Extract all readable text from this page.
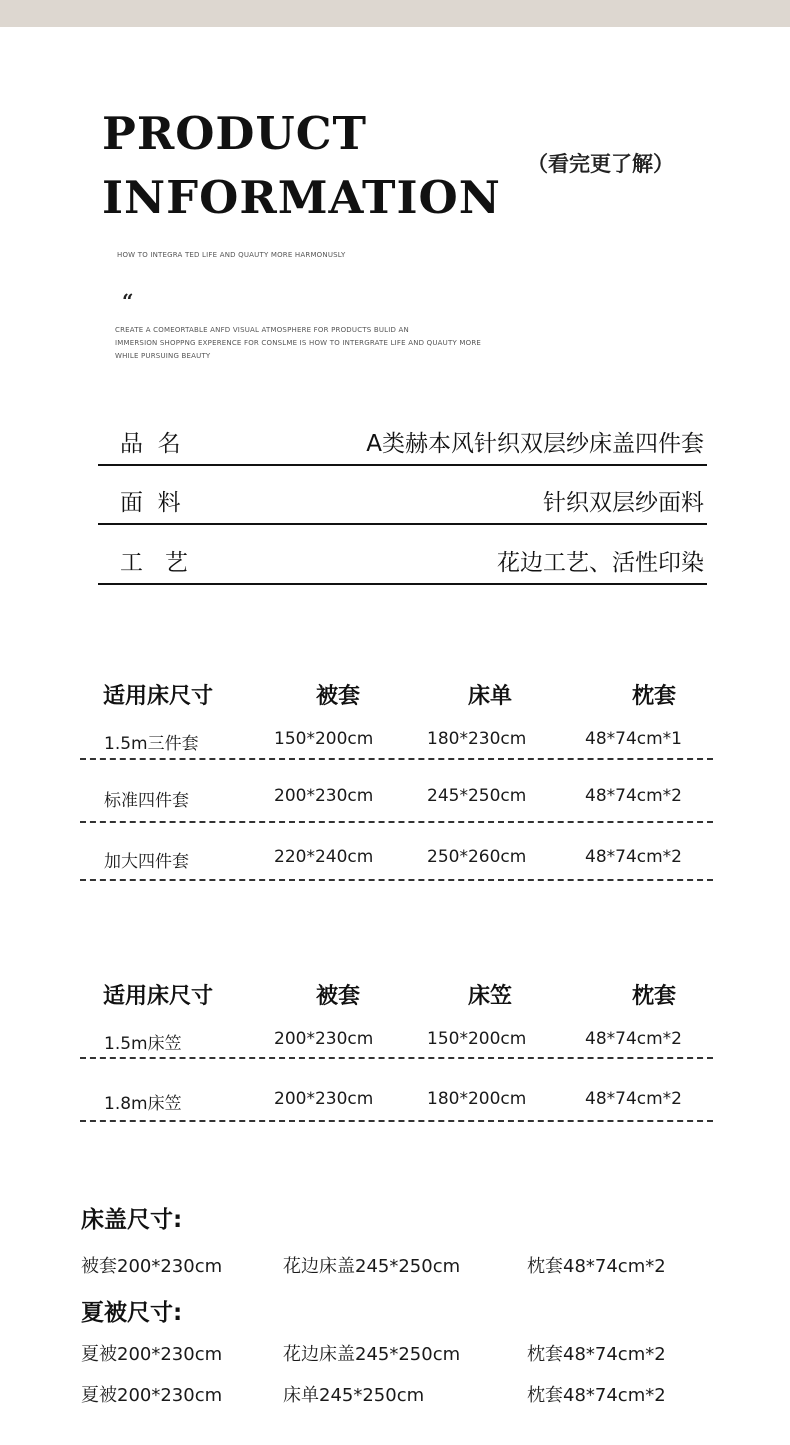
PRODUCT
INFORMATION
（看完更了解）
HOW TO INTEGRA TED LIFE AND QUAUTY MORE HARMONUSLY
“
CREATE A COMEORTABLE ANFD VISUAL ATMOSPHERE FOR PRODUCTS BULID AN
IMMERSION SHOPPNG EXPERENCE FOR CONSLME IS HOW TO INTERGRATE LIFE AND QUAUTY MORE
WHILE PURSUING BEAUTY
品  名	A类赫本风针织双层纱床盖四件套
面  料	针织双层纱面料
工   艺	花边工艺、活性印染
适用床尺寸	被套	床单	枕套
1.5m三件套	150*200cm	180*230cm	48*74cm*1
标准四件套	200*230cm	245*250cm	48*74cm*2
加大四件套	220*240cm	250*260cm	48*74cm*2
适用床尺寸	被套	床笠	枕套
1.5m床笠	200*230cm	150*200cm	48*74cm*2
1.8m床笠	200*230cm	180*200cm	48*74cm*2
床盖尺寸:
被套200*230cm	花边床盖245*250cm	枕套48*74cm*2
夏被尺寸:
夏被200*230cm	花边床盖245*250cm	枕套48*74cm*2
夏被200*230cm	床单245*250cm	枕套48*74cm*2
